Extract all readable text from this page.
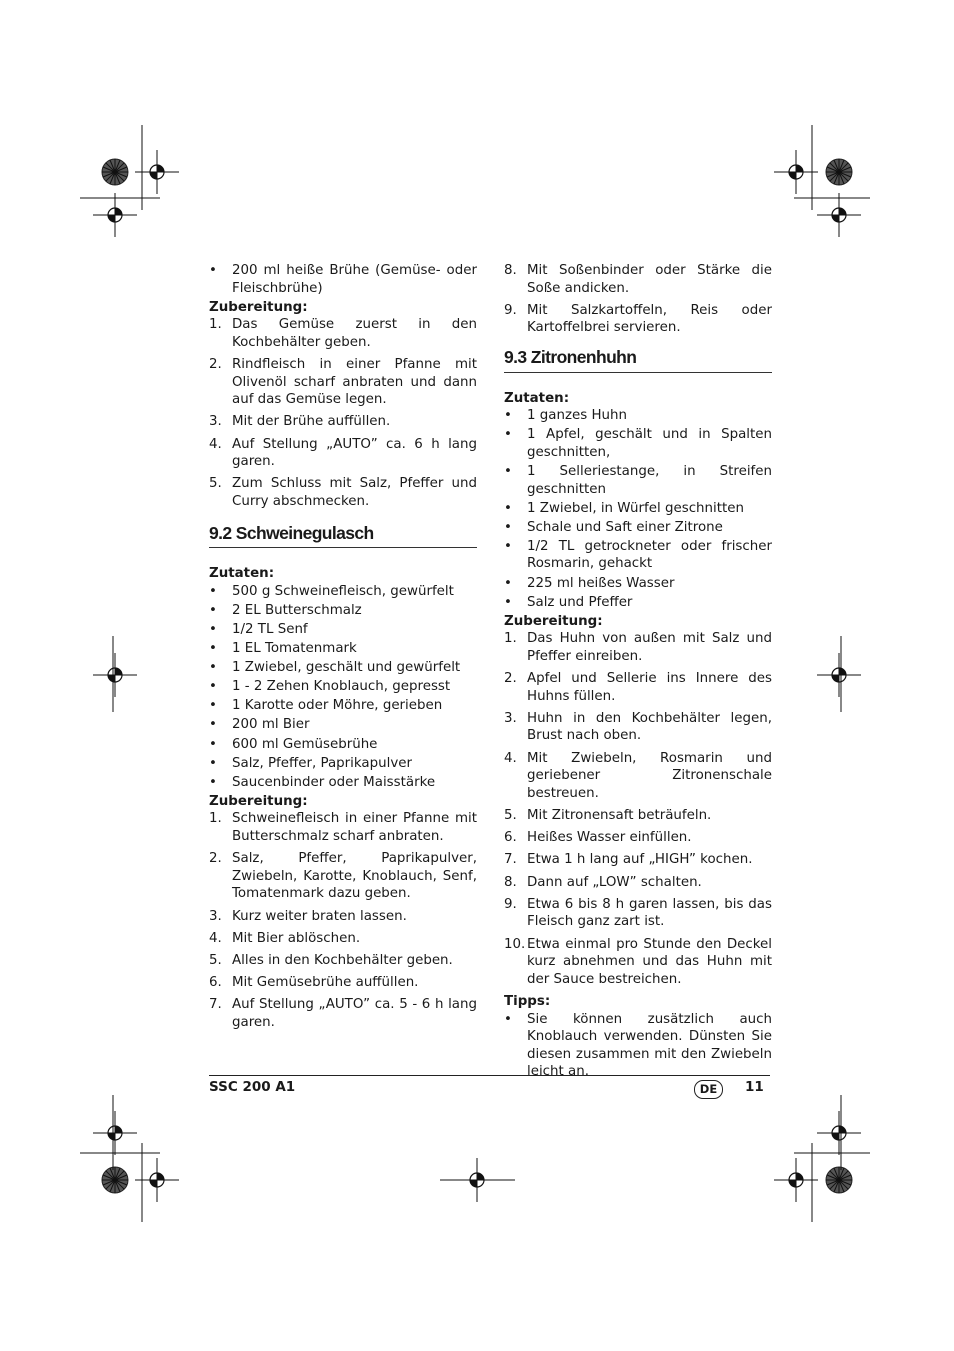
• 200 ml heiße Brühe (Gemüse- oder Fleischbrühe)
Zubereitung:
1. Das Gemüse zuerst in den Kochbehälter geben.
2. Rindfleisch in einer Pfanne mit Olivenöl scharf anbraten und dann auf das Gemüse legen.
3. Mit der Brühe auffüllen.
4. Auf Stellung „AUTO” ca. 6 h lang garen.
5. Zum Schluss mit Salz, Pfeffer und Curry abschmecken.
9.2 Schweinegulasch
Zutaten:
• 500 g Schweinefleisch, gewürfelt
• 2 EL Butterschmalz
• 1/2 TL Senf
• 1 EL Tomatenmark
• 1 Zwiebel, geschält und gewürfelt
• 1 - 2 Zehen Knoblauch, gepresst
• 1 Karotte oder Möhre, gerieben
• 200 ml Bier
• 600 ml Gemüsebrühe
• Salz, Pfeffer, Paprikapulver
• Saucenbinder oder Maisstärke
Zubereitung:
1. Schweinefleisch in einer Pfanne mit Butterschmalz scharf anbraten.
2. Salz, Pfeffer, Paprikapulver, Zwiebeln, Karotte, Knoblauch, Senf, Tomatenmark dazu geben.
3. Kurz weiter braten lassen.
4. Mit Bier ablöschen.
5. Alles in den Kochbehälter geben.
6. Mit Gemüsebrühe auffüllen.
7. Auf Stellung „AUTO” ca. 5 - 6 h lang garen.
8. Mit Soßenbinder oder Stärke die Soße andicken.
9. Mit Salzkartoffeln, Reis oder Kartoffelbrei servieren.
9.3 Zitronenhuhn
Zutaten:
• 1 ganzes Huhn
• 1 Apfel, geschält und in Spalten geschnitten,
• 1 Selleriestange, in Streifen geschnitten
• 1 Zwiebel, in Würfel geschnitten
• Schale und Saft einer Zitrone
• 1/2 TL getrockneter oder frischer Rosmarin, gehackt
• 225 ml heißes Wasser
• Salz und Pfeffer
Zubereitung:
1. Das Huhn von außen mit Salz und Pfeffer einreiben.
2. Apfel und Sellerie ins Innere des Huhns füllen.
3. Huhn in den Kochbehälter legen, Brust nach oben.
4. Mit Zwiebeln, Rosmarin und geriebener Zitronenschale bestreuen.
5. Mit Zitronensaft beträufeln.
6. Heißes Wasser einfüllen.
7. Etwa 1 h lang auf „HIGH” kochen.
8. Dann auf „LOW” schalten.
9. Etwa 6 bis 8 h garen lassen, bis das Fleisch ganz zart ist.
10. Etwa einmal pro Stunde den Deckel kurz abnehmen und das Huhn mit der Sauce bestreichen.
Tipps:
• Sie können zusätzlich auch Knoblauch verwenden. Dünsten Sie diesen zusammen mit den Zwiebeln leicht an.
SSC 200 A1	DE	11
